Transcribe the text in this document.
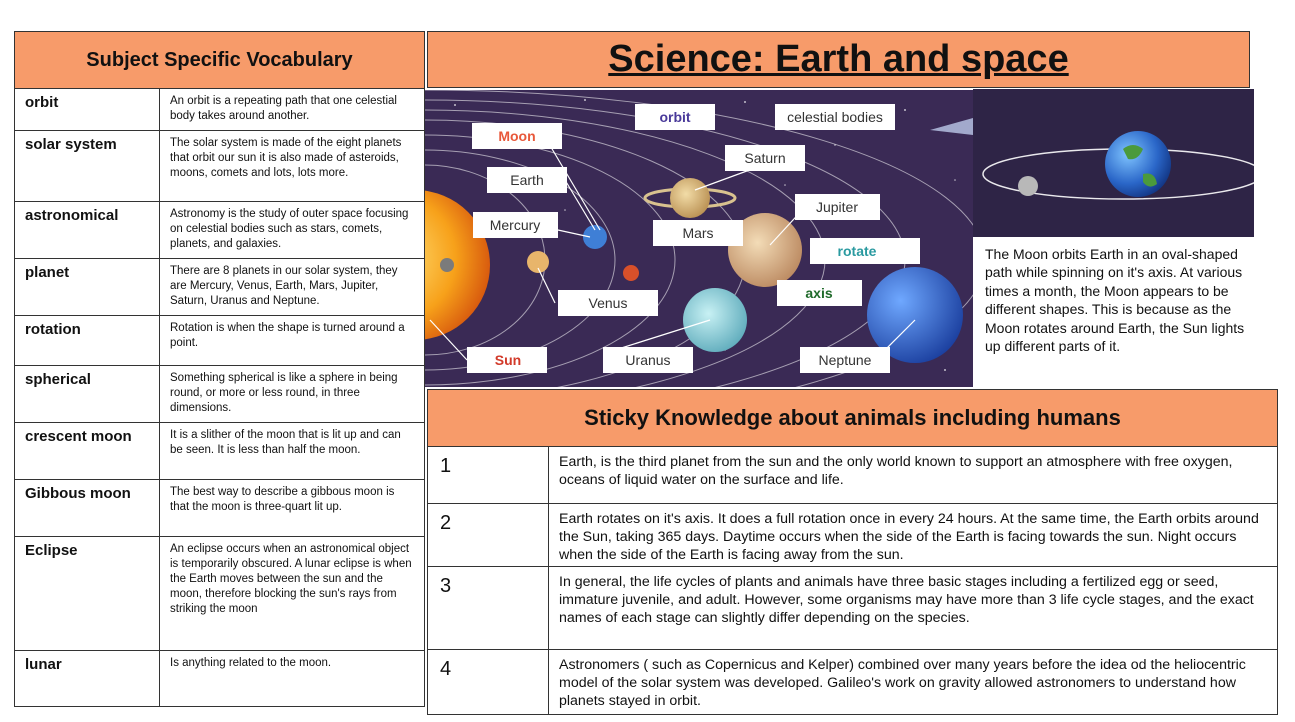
Subject Specific Vocabulary
orbit	An orbit is a repeating path that one celestial body takes around another.
solar system	The solar system is made of the eight planets that orbit our sun it is also made of asteroids, moons, comets and lots, lots more.
astronomical	Astronomy is the study of outer space focusing on celestial bodies such as stars, comets, planets, and galaxies.
planet	There are 8 planets in our solar system, they are Mercury, Venus, Earth, Mars, Jupiter, Saturn, Uranus and Neptune.
rotation	Rotation is when the shape is turned around a point.
spherical	Something spherical is like a sphere in being round, or more or less round, in three dimensions.
crescent moon	It is a slither of the moon that is lit up and can be seen. It is less than half the moon.
Gibbous moon	The best way to describe a gibbous moon is that the moon is three-quart lit up.
Eclipse	An eclipse occurs when an astronomical object is temporarily obscured. A lunar eclipse is when the Earth moves between the sun and the moon, therefore blocking the sun's rays from striking the moon
lunar	Is anything related to the moon.
Science: Earth and space
Moon
orbit	celestial bodies
Saturn
Earth
Jupiter
Mercury	Mars
rotate
axis
Venus
Sun	Uranus	Neptune
The Moon orbits Earth in an oval-shaped path while spinning on it's axis. At various times a month, the Moon appears to be different shapes. This is because as the Moon rotates around Earth, the Sun lights up different parts of it.
Sticky Knowledge about animals including humans
1	Earth, is the third planet from the sun and the only world known to support an atmosphere with free oxygen, oceans of liquid water on the surface and life.
2	Earth rotates on it's axis. It does a full rotation once in every 24 hours. At the same time, the Earth orbits around the Sun, taking 365 days. Daytime occurs when the side of the Earth is facing towards the sun. Night occurs when the side of the Earth is facing away from the sun.
3	In general, the life cycles of plants and animals have three basic stages including a fertilized egg or seed, immature juvenile, and adult. However, some organisms may have more than 3 life cycle stages, and the exact names of each stage can slightly differ depending on the species.
4	Astronomers ( such as Copernicus and Kelper) combined over many years before the idea od the heliocentric model of the solar system was developed. Galileo's work on gravity allowed astronomers to understand how planets stayed in orbit.
